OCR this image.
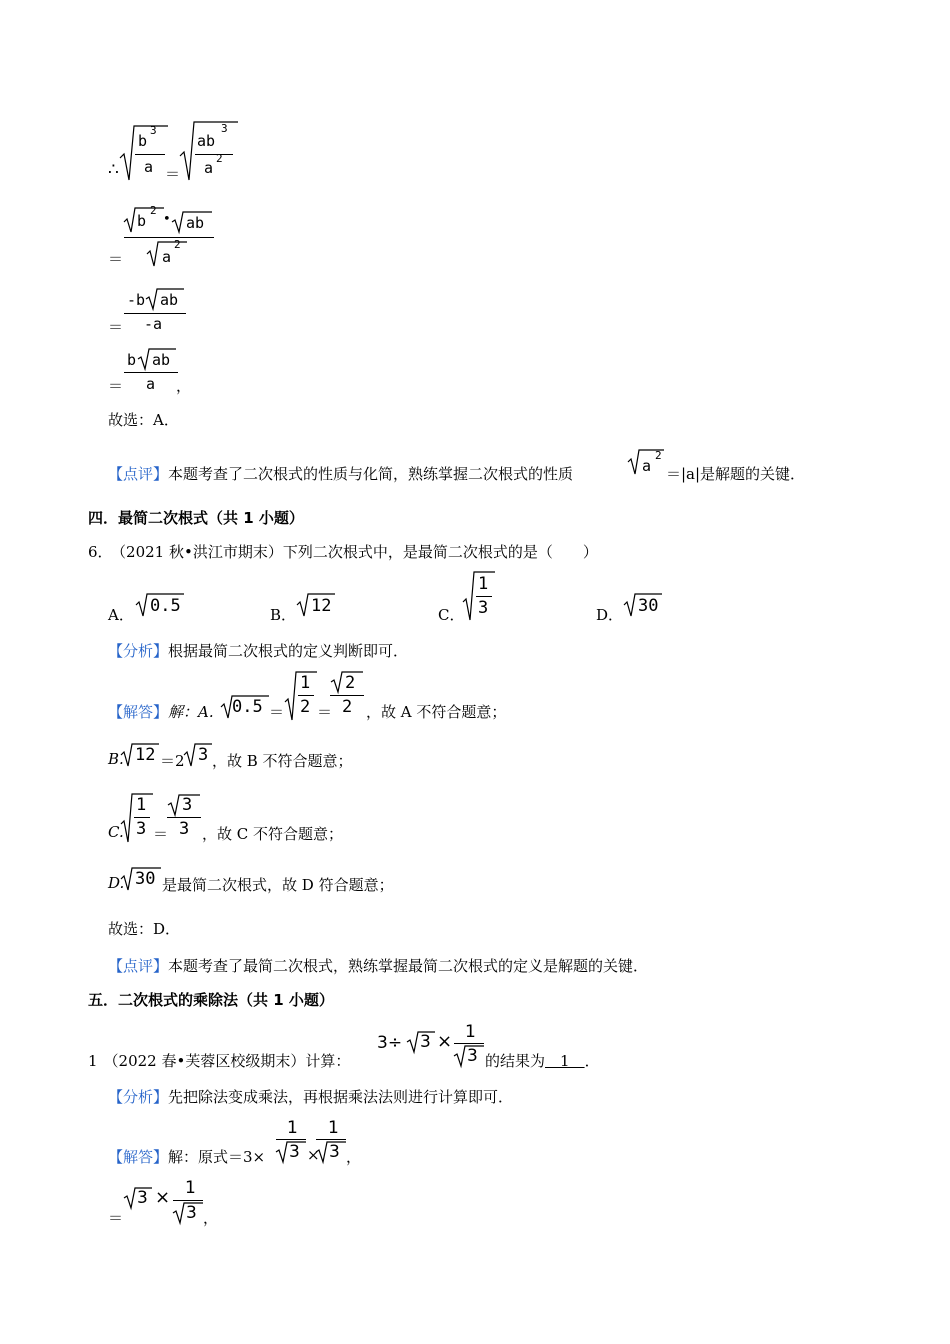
∴
b
3
a ＝
ab
3
a
2
b
2
• ab
＝	a
2
-b ab
＝ -a
b ab
＝ a ，
故选：A．
【点评】本题考查了二次根式的性质与化简，熟练掌握二次根式的性质	a
2
＝|a|是解题的关键．
四．最简二次根式（共 1 小题）
6． （2021 秋•洪江市期末）下列二次根式中，是最简二次根式的是（　　）
A． 0.5	B． 12	C．
1
3	D． 30
【分析】根据最简二次根式的定义判断即可．
【解答】解：A. 0.5 ＝
1
2 ＝
2
2 ，故 A 不符合题意；
B. 12 ＝2 3 ，故 B 不符合题意；
C.
1
3 ＝
3
3 ，故 C 不符合题意；
D. 30 是最简二次根式，故 D 符合题意；
故选：D．
【点评】本题考查了最简二次根式，熟练掌握最简二次根式的定义是解题的关键．
五．二次根式的乘除法（共 1 小题）
1 （2022 春•芙蓉区校级期末）计算：
3÷ 3 × 1
3 的结果为　1　．
【分析】先把除法变成乘法，再根据乘法法则进行计算即可．
【解答】解：原式＝3×
1
3 ×
1
3 ，
＝
3 × 1
3 ，
